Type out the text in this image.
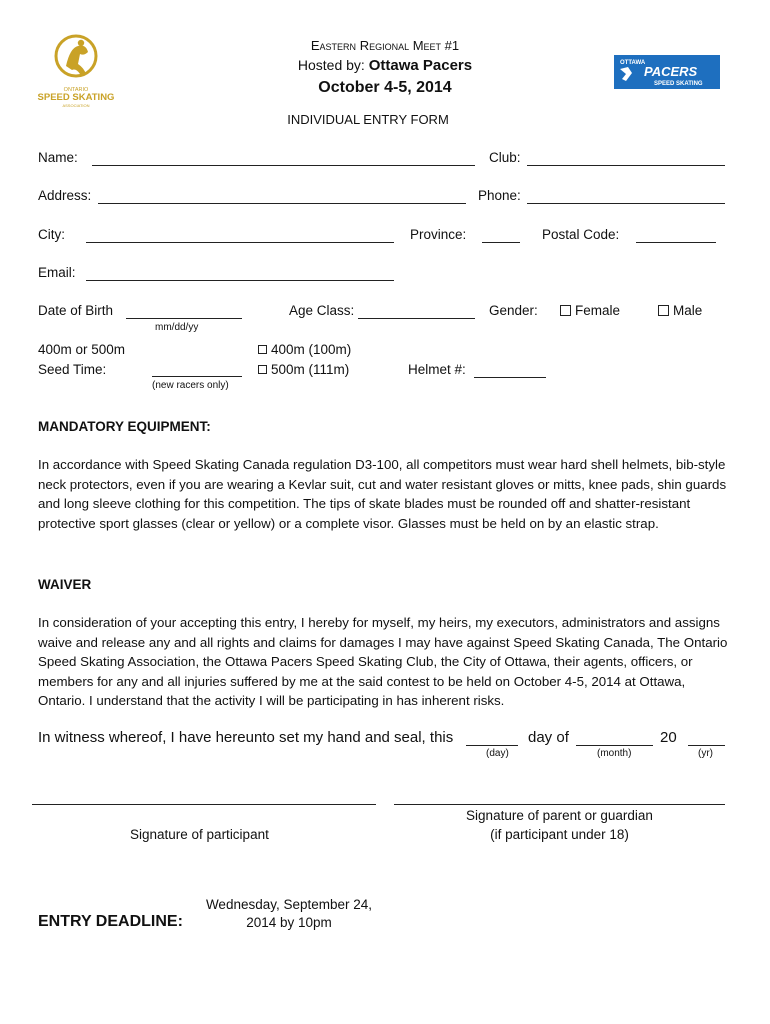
ONTARIO
SPEED SKATING
ASSOCIATION
OTTAWA
PACERS
SPEED SKATING
Eastern Regional Meet #1
Hosted by: Ottawa Pacers
October 4-5, 2014
INDIVIDUAL ENTRY FORM
Name:	Club:
Address:	Phone:
City:	Province:	Postal Code:
Email:
Date of Birth
mm/dd/yy
Age Class:	Gender:	Female	Male
400m or 500m
Seed Time:
(new racers only)
400m (100m)
500m (111m)	Helmet #:
MANDATORY EQUIPMENT:
In accordance with Speed Skating Canada regulation D3-100, all competitors must wear hard shell helmets, bib-style neck protectors, even if you are wearing a Kevlar suit, cut and water resistant gloves or mitts, knee pads, shin guards and long sleeve clothing for this competition. The tips of skate blades must be rounded off and shatter-resistant protective sport glasses (clear or yellow) or a complete visor. Glasses must be held on by an elastic strap.
WAIVER
In consideration of your accepting this entry, I hereby for myself, my heirs, my executors, administrators and assigns waive and release any and all rights and claims for damages I may have against Speed Skating Canada, The Ontario Speed Skating Association, the Ottawa Pacers Speed Skating Club, the City of Ottawa, their agents, officers, or members for any and all injuries suffered by me at the said contest to be held on October 4-5, 2014 at Ottawa, Ontario. I understand that the activity I will be participating in has inherent risks.
In witness whereof, I have hereunto set my hand and seal, this	day of	20
(day)	(month)	(yr)
Signature of participant
Signature of parent or guardian
(if participant under 18)
ENTRY DEADLINE:
Wednesday, September 24,
2014 by 10pm
